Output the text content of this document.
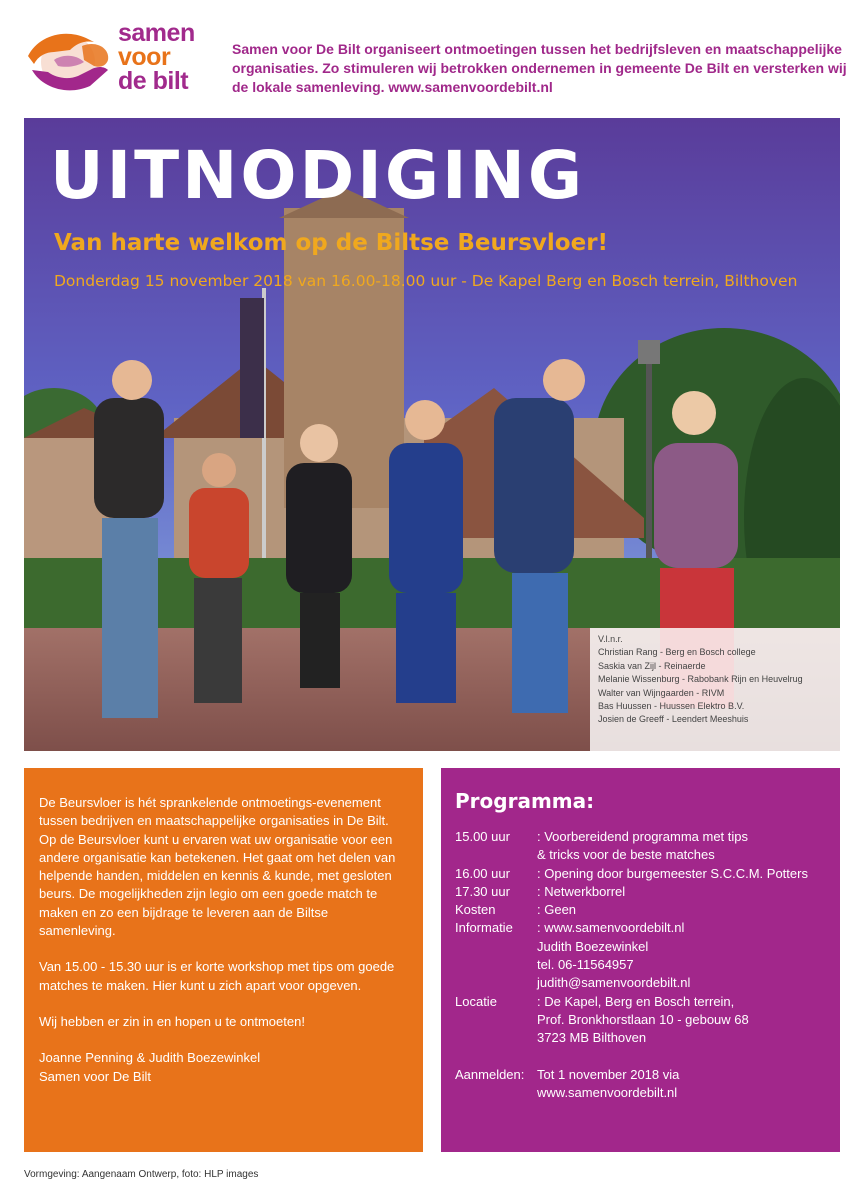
samen
voor
de bilt
Samen voor De Bilt organiseert ontmoetingen tussen het bedrijfsleven en maatschappelijke organisaties. Zo stimuleren wij betrokken ondernemen in gemeente De Bilt en versterken wij de lokale samenleving. www.samenvoordebilt.nl
UITNODIGING
Van harte welkom op de Biltse Beursvloer!
Donderdag 15 november 2018 van 16.00-18.00 uur - De Kapel Berg en Bosch terrein, Bilthoven
V.l.n.r.
Christian Rang - Berg en Bosch college
Saskia van Zijl - Reinaerde
Melanie Wissenburg - Rabobank Rijn en Heuvelrug
Walter van Wijngaarden - RIVM
Bas Huussen - Huussen Elektro B.V.
Josien de Greeff - Leendert Meeshuis

De Beursvloer is hét sprankelende ontmoetings-evenement tussen bedrijven en maatschappelijke organisaties in De Bilt. Op de Beursvloer kunt u ervaren wat uw organisatie voor een andere organisatie kan betekenen. Het gaat om het delen van helpende handen, middelen en kennis & kunde, met gesloten beurs. De mogelijkheden zijn legio om een goede match te maken en zo een bijdrage te leveren aan de Biltse samenleving.

Van 15.00 - 15.30 uur is er korte workshop met tips om goede matches te maken. Hier kunt u zich apart voor opgeven.

Wij hebben er zin in en hopen u te ontmoeten!

Joanne Penning & Judith Boezewinkel
Samen voor De Bilt
Programma:
15.00 uur	: Voorbereidend programma met tips
& tricks voor de beste matches
16.00 uur	: Opening door burgemeester S.C.C.M. Potters
17.30 uur	: Netwerkborrel
Kosten	: Geen
Informatie	: www.samenvoordebilt.nl
Judith Boezewinkel
tel. 06-11564957
judith@samenvoordebilt.nl
Locatie	: De Kapel, Berg en Bosch terrein,
Prof. Bronkhorstlaan 10 - gebouw 68
3723 MB Bilthoven
Aanmelden: Tot 1 november 2018 via
www.samenvoordebilt.nl
Vormgeving: Aangenaam Ontwerp, foto: HLP images
